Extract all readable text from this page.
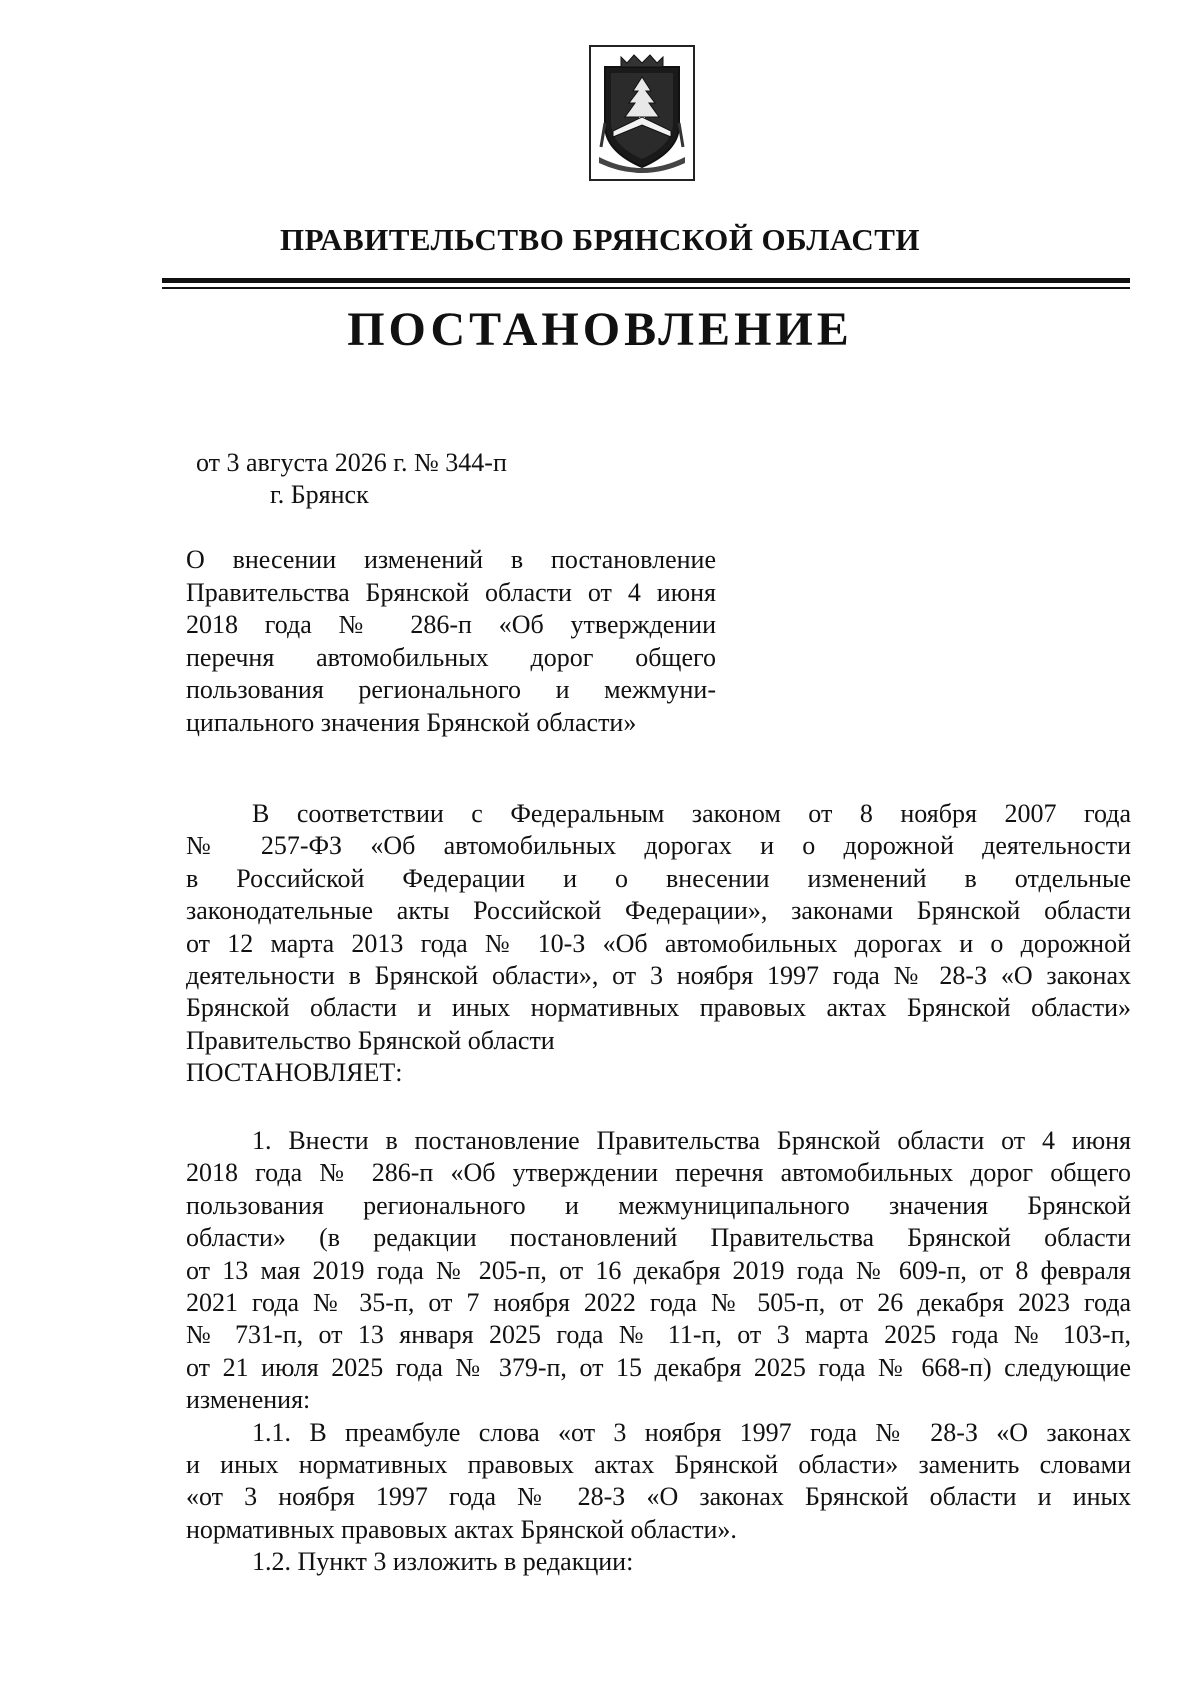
ПРАВИТЕЛЬСТВО БРЯНСКОЙ ОБЛАСТИ
ПОСТАНОВЛЕНИЕ
от 3 августа 2026 г. № 344-п
г. Брянск
О внесении изменений в постановление
Правительства Брянской области от 4 июня
2018 года № 286-п «Об утверждении
перечня автомобильных дорог общего
пользования регионального и межмуни-
ципального значения Брянской области»
В соответствии с Федеральным законом от 8 ноября 2007 года
№ 257-ФЗ «Об автомобильных дорогах и о дорожной деятельности
в Российской Федерации и о внесении изменений в отдельные
законодательные акты Российской Федерации», законами Брянской области
от 12 марта 2013 года № 10-З «Об автомобильных дорогах и о дорожной
деятельности в Брянской области», от 3 ноября 1997 года № 28-З «О законах
Брянской области и иных нормативных правовых актах Брянской области»
Правительство Брянской области
ПОСТАНОВЛЯЕТ:
1. Внести в постановление Правительства Брянской области от 4 июня
2018 года № 286-п «Об утверждении перечня автомобильных дорог общего
пользования регионального и межмуниципального значения Брянской
области» (в редакции постановлений Правительства Брянской области
от 13 мая 2019 года № 205-п, от 16 декабря 2019 года № 609-п, от 8 февраля
2021 года № 35-п, от 7 ноября 2022 года № 505-п, от 26 декабря 2023 года
№ 731-п, от 13 января 2025 года № 11-п, от 3 марта 2025 года № 103-п,
от 21 июля 2025 года № 379-п, от 15 декабря 2025 года № 668-п) следующие
изменения:
1.1. В преамбуле слова «от 3 ноября 1997 года № 28-З «О законах
и иных нормативных правовых актах Брянской области» заменить словами
«от 3 ноября 1997 года № 28-З «О законах Брянской области и иных
нормативных правовых актах Брянской области».
1.2. Пункт 3 изложить в редакции:
